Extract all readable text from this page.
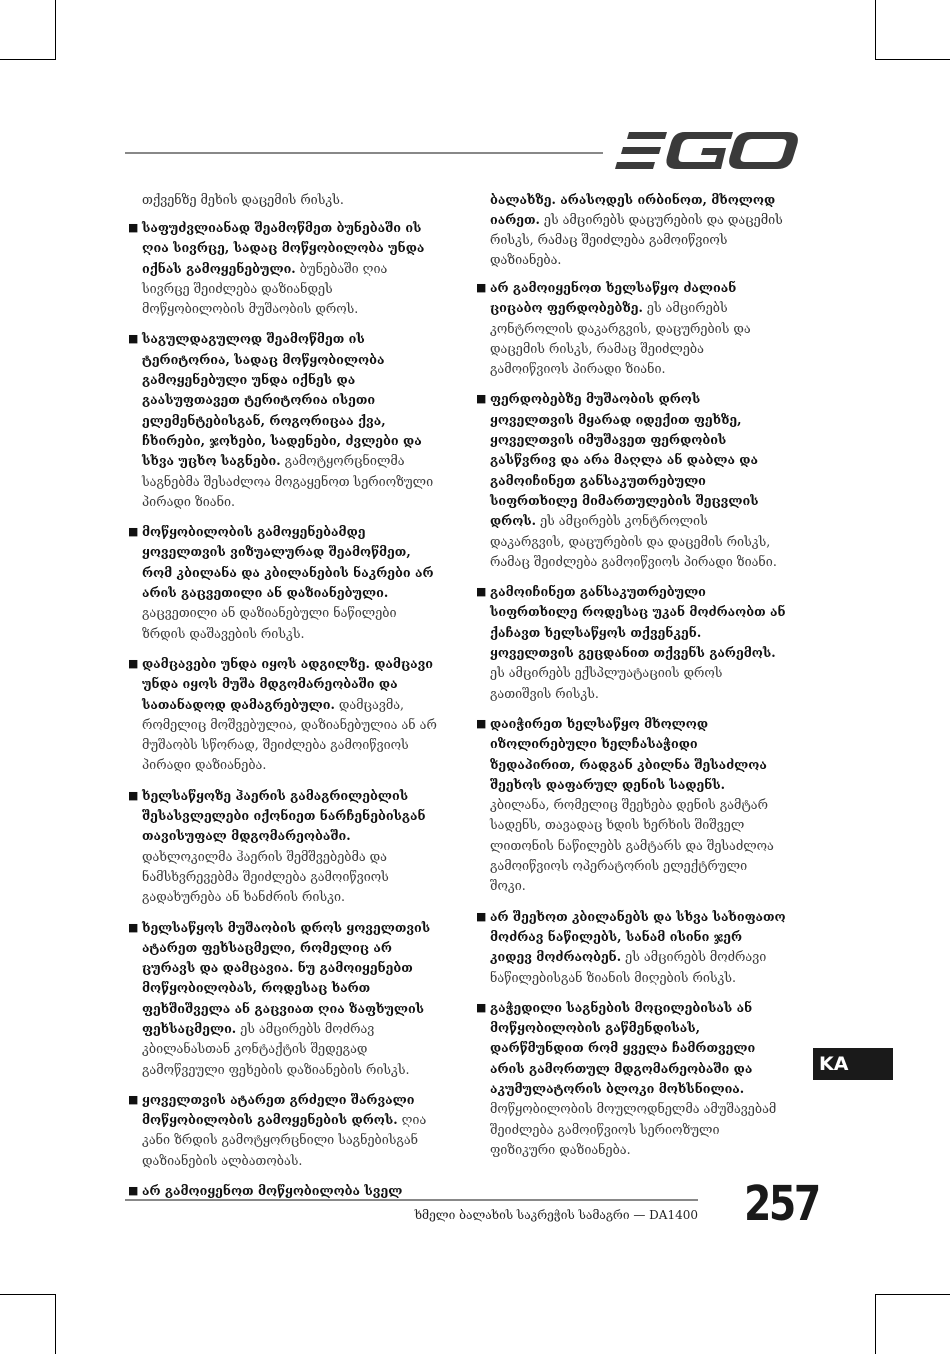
თქვენზე მეხის დაცემის რისკს.
■ საფუძვლიანად შეამოწმეთ ბუნებაში ის ღია სივრცე, სადაც მოწყობილობა უნდა იქნას გამოყენებული. ბუნებაში ღია სივრცე შეიძლება დაზიანდეს მოწყობილობის მუშაობის დროს.
■ საგულდაგულოდ შეამოწმეთ ის ტერიტორია, სადაც მოწყობილობა გამოყენებული უნდა იქნეს და გაასუფთავეთ ტერიტორია ისეთი ელემენტებისგან, როგორიცაა ქვა, ჩხირები, ჯოხები, სადენები, ძვლები და სხვა უცხო საგნები. გამოტყორცნილმა საგნებმა შესაძლოა მოგაყენოთ სერიოზული პირადი ზიანი.
■ მოწყობილობის გამოყენებამდე ყოველთვის ვიზუალურად შეამოწმეთ, რომ კბილანა და კბილანების ნაკრები არ არის გაცვეთილი ან დაზიანებული. გაცვეთილი ან დაზიანებული ნაწილები ზრდის დაშავების რისკს.
■ დამცავები უნდა იყოს ადგილზე. დამცავი უნდა იყოს მუშა მდგომარეობაში და სათანადოდ დამაგრებული. დამცავმა, რომელიც მოშვებულია, დაზიანებულია ან არ მუშაობს სწორად, შეიძლება გამოიწვიოს პირადი დაზიანება.
■ ხელსაწყოზე ჰაერის გამაგრილებლის შესასვლელები იქონიეთ ნარჩენებისგან თავისუფალ მდგომარეობაში. დახლოკილმა ჰაერის შემშვებებმა და ნამსხვრევებმა შეიძლება გამოიწვიოს გადახურება ან ხანძრის რისკი.
■ ხელსაწყოს მუშაობის დროს ყოველთვის ატარეთ ფეხსაცმელი, რომელიც არ ცურავს და დამცავია. ნუ გამოიყენებთ მოწყობილობას, როდესაც ხართ ფეხშიშველა ან გაცვიათ ღია ზაფხულის ფეხსაცმელი. ეს ამცირებს მოძრავ კბილანასთან კონტაქტის შედეგად გამოწვეული ფეხების დაზიანების რისკს.
■ ყოველთვის ატარეთ გრძელი შარვალი მოწყობილობის გამოყენების დროს. ღია კანი ზრდის გამოტყორცნილი საგნებისგან დაზიანების ალბათობას.
■ არ გამოიყენოთ მოწყობილობა სველ
ბალახზე. არასოდეს ირბინოთ, მხოლოდ იარეთ. ეს ამცირებს დაცურების და დაცემის რისკს, რამაც შეიძლება გამოიწვიოს დაზიანება.
■ არ გამოიყენოთ ხელსაწყო ძალიან ციცაბო ფერდობებზე. ეს ამცირებს კონტროლის დაკარგვის, დაცურების და დაცემის რისკს, რამაც შეიძლება გამოიწვიოს პირადი ზიანი.
■ ფერდობებზე მუშაობის დროს ყოველთვის მყარად იდექით ფეხზე, ყოველთვის იმუშავეთ ფერდობის გასწვრივ და არა მაღლა ან დაბლა და გამოიჩინეთ განსაკუთრებული სიფრთხილე მიმართულების შეცვლის დროს. ეს ამცირებს კონტროლის დაკარგვის, დაცურების და დაცემის რისკს, რამაც შეიძლება გამოიწვიოს პირადი ზიანი.
■ გამოიჩინეთ განსაკუთრებული სიფრთხილე როდესაც უკან მოძრაობთ ან ქაჩავთ ხელსაწყოს თქვენკენ. ყოველთვის გეცდანით თქვენს გარემოს. ეს ამცირებს ექსპლუატაციის დროს გათიშვის რისკს.
■ დაიჭირეთ ხელსაწყო მხოლოდ იზოლირებული ხელჩასაჭიდი ზედაპირით, რადგან კბილნა შესაძლოა შეეხოს დაფარულ დენის სადენს. კბილანა, რომელიც შეეხება დენის გამტარ სადენს, თავადაც ხდის ხერხის შიშველ ლითონის ნაწილებს გამტარს და შესაძლოა გამოიწვიოს ოპერატორის ელექტრული შოკი.
■ არ შეეხოთ კბილანებს და სხვა სახიფათო მოძრავ ნაწილებს, სანამ ისინი ჯერ კიდევ მოძრაობენ. ეს ამცირებს მოძრავი ნაწილებისგან ზიანის მიღების რისკს.
■ გაჭედილი საგნების მოცილებისას ან მოწყობილობის გაწმენდისას, დარწმუნდით რომ ყველა ჩამრთველი არის გამორთულ მდგომარეობაში და აკუმულატორის ბლოკი მოხსნილია. მოწყობილობის მოულოდნელმა ამუშავებამ შეიძლება გამოიწვიოს სერიოზული ფიზიკური დაზიანება.
KA
ხმელი ბალახის საკრეჭის სამაგრი — DA1400 257
